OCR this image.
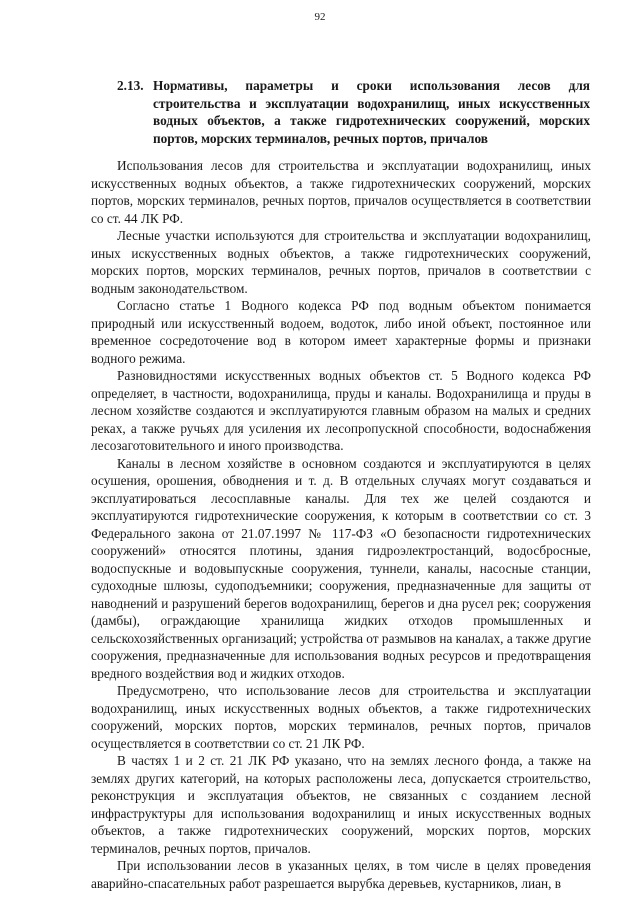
92
2.13. Нормативы, параметры и сроки использования лесов для строительства и эксплуатации водохранилищ, иных искусственных водных объектов, а также гидротехнических сооружений, морских портов, морских терминалов, речных портов, причалов

Использования лесов для строительства и эксплуатации водохранилищ, иных искусственных водных объектов, а также гидротехнических сооружений, морских портов, морских терминалов, речных портов, причалов осуществляется в соответствии со ст. 44 ЛК РФ.

Лесные участки используются для строительства и эксплуатации водохранилищ, иных искусственных водных объектов, а также гидротехнических сооружений, морских портов, морских терминалов, речных портов, причалов в соответствии с водным законодательством.

Согласно статье 1 Водного кодекса РФ под водным объектом понимается природный или искусственный водоем, водоток, либо иной объект, постоянное или временное сосредоточение вод в котором имеет характерные формы и признаки водного режима.

Разновидностями искусственных водных объектов ст. 5 Водного кодекса РФ определяет, в частности, водохранилища, пруды и каналы. Водохранилища и пруды в лесном хозяйстве создаются и эксплуатируются главным образом на малых и средних реках, а также ручьях для усиления их лесопропускной способности, водоснабжения лесозаготовительного и иного производства.

Каналы в лесном хозяйстве в основном создаются и эксплуатируются в целях осушения, орошения, обводнения и т. д. В отдельных случаях могут создаваться и эксплуатироваться лесосплавные каналы. Для тех же целей создаются и эксплуатируются гидротехнические сооружения, к которым в соответствии со ст. 3 Федерального закона от 21.07.1997 № 117-ФЗ «О безопасности гидротехнических сооружений» относятся плотины, здания гидроэлектростанций, водосбросные, водоспускные и водовыпускные сооружения, туннели, каналы, насосные станции, судоходные шлюзы, судоподъемники; сооружения, предназначенные для защиты от наводнений и разрушений берегов водохранилищ, берегов и дна русел рек; сооружения (дамбы), ограждающие хранилища жидких отходов промышленных и сельскохозяйственных организаций; устройства от размывов на каналах, а также другие сооружения, предназначенные для использования водных ресурсов и предотвращения вредного воздействия вод и жидких отходов.

Предусмотрено, что использование лесов для строительства и эксплуатации водохранилищ, иных искусственных водных объектов, а также гидротехнических сооружений, морских портов, морских терминалов, речных портов, причалов осуществляется в соответствии со ст. 21 ЛК РФ.

В частях 1 и 2 ст. 21 ЛК РФ указано, что на землях лесного фонда, а также на землях других категорий, на которых расположены леса, допускается строительство, реконструкция и эксплуатация объектов, не связанных с созданием лесной инфраструктуры для использования водохранилищ и иных искусственных водных объектов, а также гидротехнических сооружений, морских портов, морских терминалов, речных портов, причалов.

При использовании лесов в указанных целях, в том числе в целях проведения аварийно-спасательных работ разрешается вырубка деревьев, кустарников, лиан, в
